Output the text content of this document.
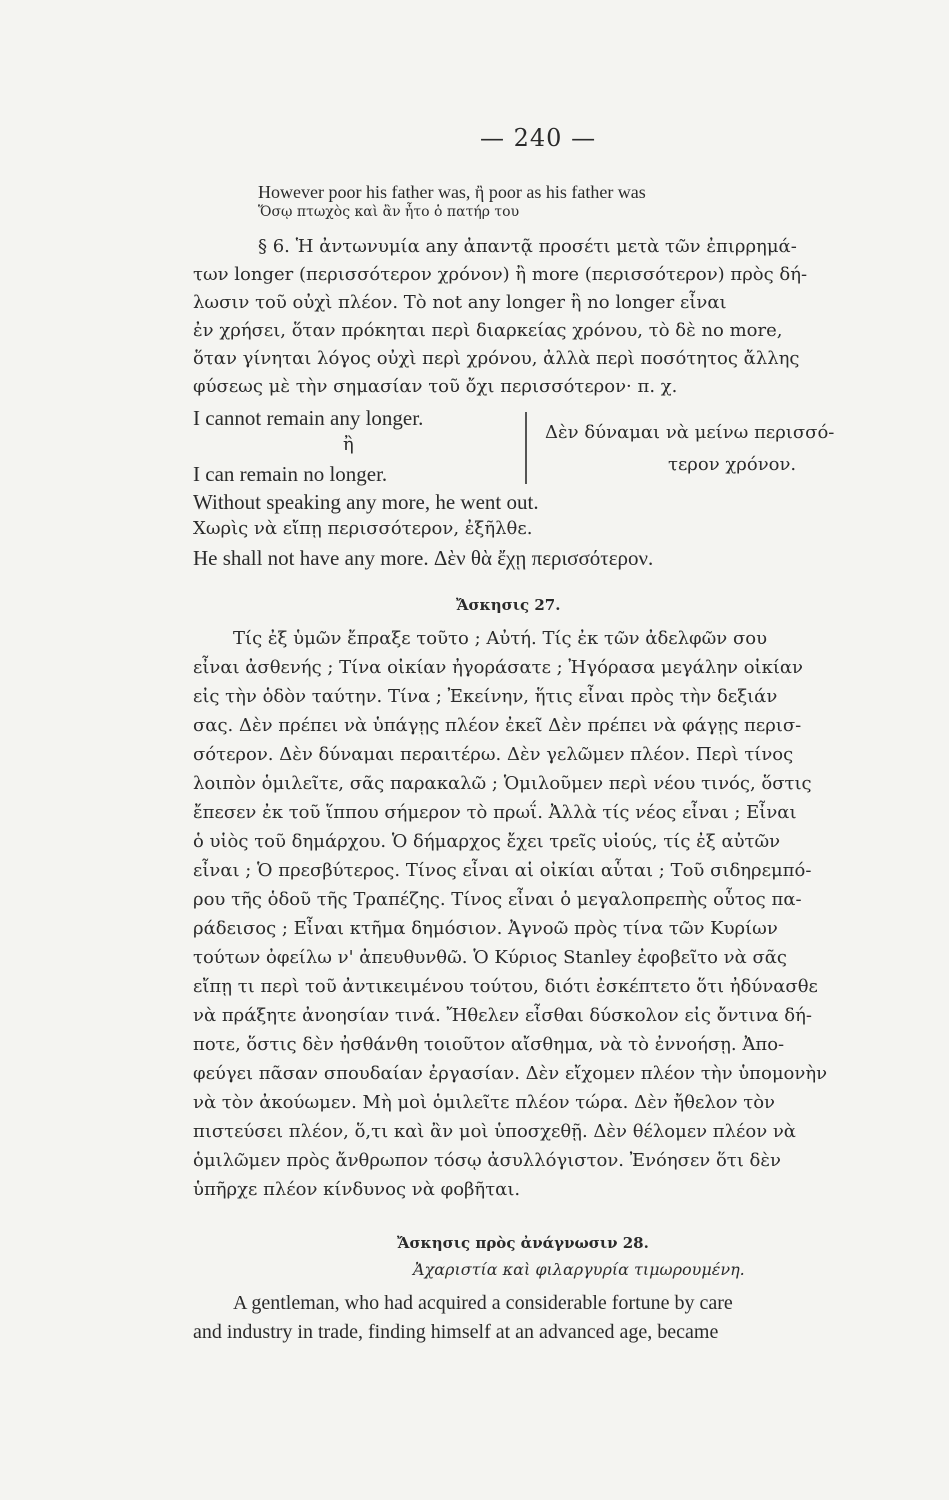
— 240 —
However poor his father was, ἢ poor as his father was
Ὅσῳ πτωχὸς καὶ ἂν ἦτο ὁ πατήρ του
§ 6. Ἡ ἀντωνυμία any ἀπαντᾷ προσέτι μετὰ τῶν ἐπιρρημά-
των longer (περισσότερον χρόνον) ἢ more (περισσότερον) πρὸς δή-
λωσιν τοῦ οὐχὶ πλέον. Τὸ not any longer ἢ no longer εἶναι
ἐν χρήσει, ὅταν πρόκηται περὶ διαρκείας χρόνου, τὸ δὲ no more,
ὅταν γίνηται λόγος οὐχὶ περὶ χρόνου, ἀλλὰ περὶ ποσότητος ἄλλης
φύσεως μὲ τὴν σημασίαν τοῦ ὄχι περισσότερον· π. χ.
I cannot remain any longer.
ἢ
I can remain no longer.
Δὲν δύναμαι νὰ μείνω περισσό-
τερον χρόνον.
Without speaking any more, he went out.
Χωρὶς νὰ εἴπῃ περισσότερον, ἐξῆλθε.
He shall not have any more. Δὲν θὰ ἔχῃ περισσότερον.
Ἄσκησις 27.
Τίς ἐξ ὑμῶν ἔπραξε τοῦτο ; Αὐτή. Τίς ἐκ τῶν ἀδελφῶν σου
εἶναι ἀσθενής ; Τίνα οἰκίαν ἠγοράσατε ; Ἠγόρασα μεγάλην οἰκίαν
εἰς τὴν ὁδὸν ταύτην. Τίνα ; Ἐκείνην, ἥτις εἶναι πρὸς τὴν δεξιάν
σας. Δὲν πρέπει νὰ ὑπάγῃς πλέον ἐκεῖ Δὲν πρέπει νὰ φάγῃς περισ-
σότερον. Δὲν δύναμαι περαιτέρω. Δὲν γελῶμεν πλέον. Περὶ τίνος
λοιπὸν ὁμιλεῖτε, σᾶς παρακαλῶ ; Ὁμιλοῦμεν περὶ νέου τινός, ὅστις
ἔπεσεν ἐκ τοῦ ἵππου σήμερον τὸ πρωΐ. Ἀλλὰ τίς νέος εἶναι ; Εἶναι
ὁ υἱὸς τοῦ δημάρχου. Ὁ δήμαρχος ἔχει τρεῖς υἱούς, τίς ἐξ αὐτῶν
εἶναι ; Ὁ πρεσβύτερος. Τίνος εἶναι αἱ οἰκίαι αὗται ; Τοῦ σιδηρεμπό-
ρου τῆς ὁδοῦ τῆς Τραπέζης. Τίνος εἶναι ὁ μεγαλοπρεπὴς οὗτος πα-
ράδεισος ; Εἶναι κτῆμα δημόσιον. Ἀγνοῶ πρὸς τίνα τῶν Κυρίων
τούτων ὀφείλω ν' ἀπευθυνθῶ. Ὁ Κύριος Stanley ἐφοβεῖτο νὰ σᾶς
εἴπῃ τι περὶ τοῦ ἀντικειμένου τούτου, διότι ἐσκέπτετο ὅτι ἠδύνασθε
νὰ πράξητε ἀνοησίαν τινά. Ἤθελεν εἶσθαι δύσκολον εἰς ὄντινα δή-
ποτε, ὅστις δὲν ἠσθάνθη τοιοῦτον αἴσθημα, νὰ τὸ ἐννοήσῃ. Ἀπο-
φεύγει πᾶσαν σπουδαίαν ἐργασίαν. Δὲν εἴχομεν πλέον τὴν ὑπομονὴν
νὰ τὸν ἀκούωμεν. Μὴ μοὶ ὁμιλεῖτε πλέον τώρα. Δὲν ἤθελον τὸν
πιστεύσει πλέον, ὅ,τι καὶ ἂν μοὶ ὑποσχεθῇ. Δὲν θέλομεν πλέον νὰ
ὁμιλῶμεν πρὸς ἄνθρωπον τόσῳ ἀσυλλόγιστον. Ἐνόησεν ὅτι δὲν
ὑπῆρχε πλέον κίνδυνος νὰ φοβῆται.
Ἄσκησις πρὸς ἀνάγνωσιν 28.
Ἀχαριστία καὶ φιλαργυρία τιμωρουμένη.
A gentleman, who had acquired a considerable fortune by care
and industry in trade, finding himself at an advanced age, became
